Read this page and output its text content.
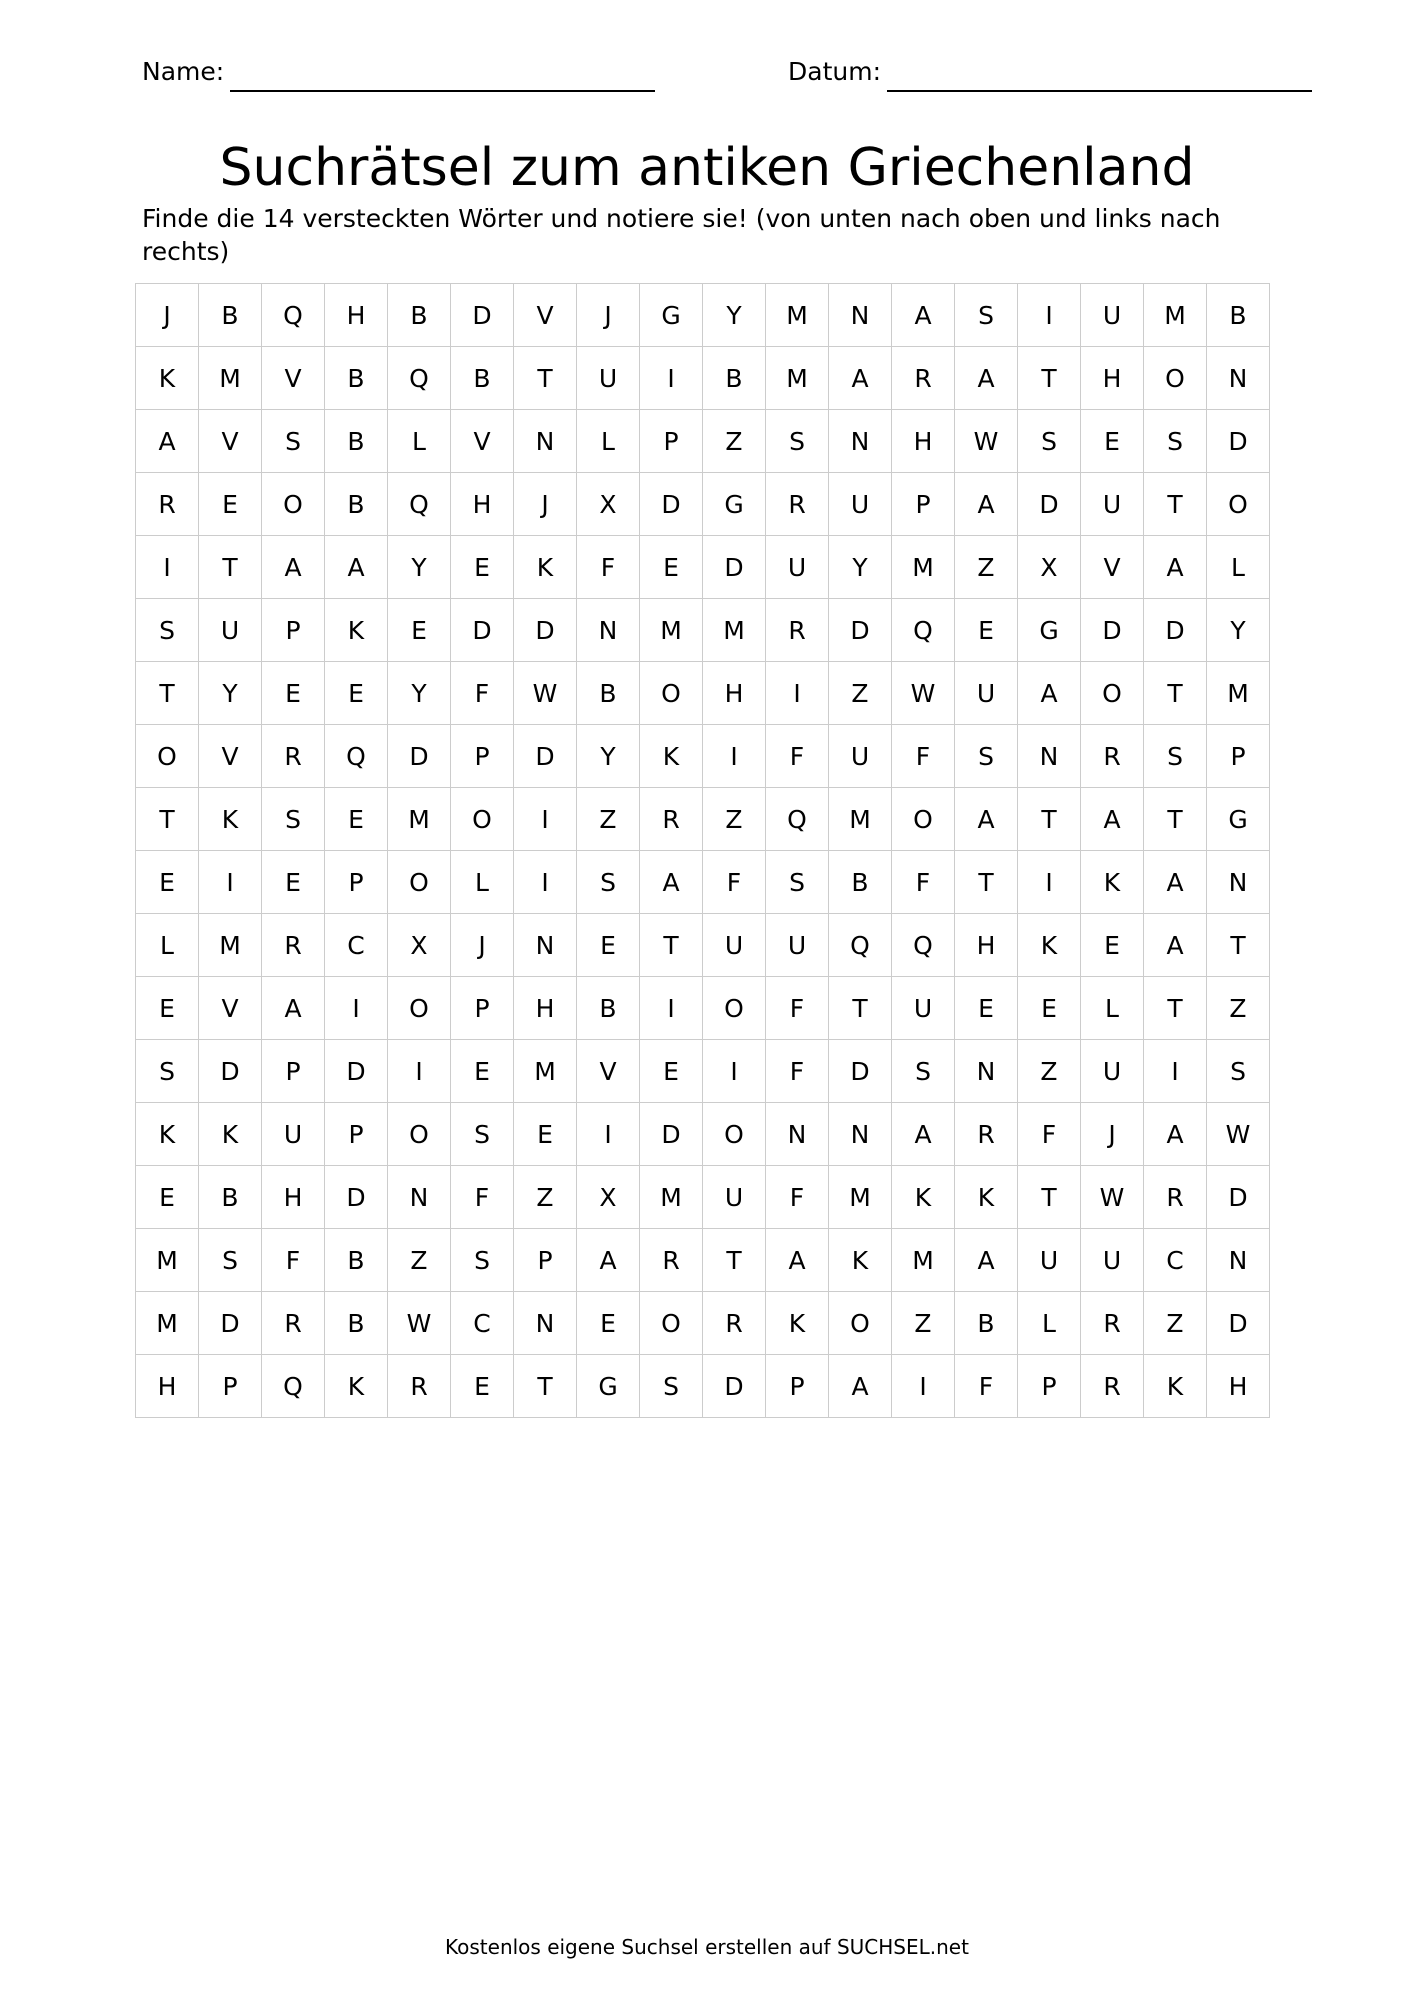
Name:	Datum:
Suchrätsel zum antiken Griechenland
Finde die 14 versteckten Wörter und notiere sie! (von unten nach oben und links nach rechts)
J	B	Q	H	B	D	V	J	G	Y	M	N	A	S	I	U	M	B
K	M	V	B	Q	B	T	U	I	B	M	A	R	A	T	H	O	N
A	V	S	B	L	V	N	L	P	Z	S	N	H	W	S	E	S	D
R	E	O	B	Q	H	J	X	D	G	R	U	P	A	D	U	T	O
I	T	A	A	Y	E	K	F	E	D	U	Y	M	Z	X	V	A	L
S	U	P	K	E	D	D	N	M	M	R	D	Q	E	G	D	D	Y
T	Y	E	E	Y	F	W	B	O	H	I	Z	W	U	A	O	T	M
O	V	R	Q	D	P	D	Y	K	I	F	U	F	S	N	R	S	P
T	K	S	E	M	O	I	Z	R	Z	Q	M	O	A	T	A	T	G
E	I	E	P	O	L	I	S	A	F	S	B	F	T	I	K	A	N
L	M	R	C	X	J	N	E	T	U	U	Q	Q	H	K	E	A	T
E	V	A	I	O	P	H	B	I	O	F	T	U	E	E	L	T	Z
S	D	P	D	I	E	M	V	E	I	F	D	S	N	Z	U	I	S
K	K	U	P	O	S	E	I	D	O	N	N	A	R	F	J	A	W
E	B	H	D	N	F	Z	X	M	U	F	M	K	K	T	W	R	D
M	S	F	B	Z	S	P	A	R	T	A	K	M	A	U	U	C	N
M	D	R	B	W	C	N	E	O	R	K	O	Z	B	L	R	Z	D
H	P	Q	K	R	E	T	G	S	D	P	A	I	F	P	R	K	H
Kostenlos eigene Suchsel erstellen auf SUCHSEL.net
